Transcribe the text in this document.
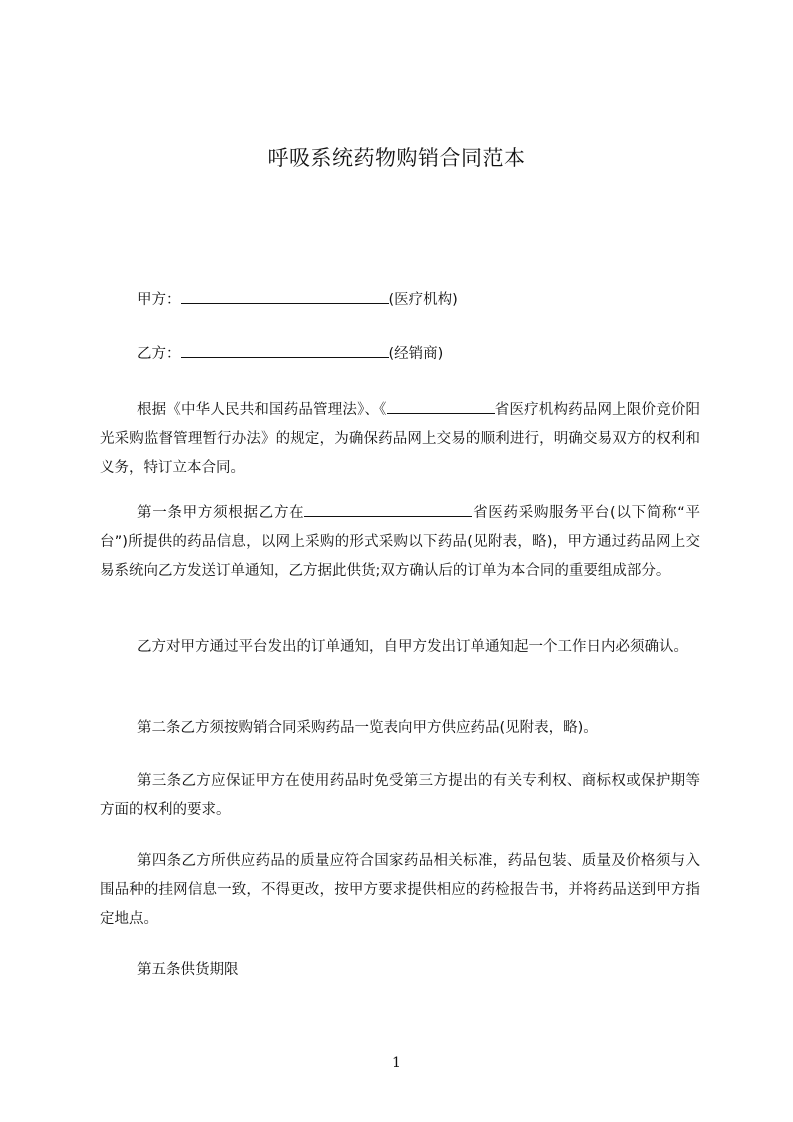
呼吸系统药物购销合同范本
甲方：	(医疗机构)
乙方：	(经销商)
根据《中华人民共和国药品管理法》、《	省医疗机构药品网上限价竞价阳光采购监督管理暂行办法》的规定，为确保药品网上交易的顺利进行，明确交易双方的权利和义务，特订立本合同。
第一条甲方须根据乙方在	省医药采购服务平台(以下简称“平台”)所提供的药品信息，以网上采购的形式采购以下药品(见附表，略)，甲方通过药品网上交易系统向乙方发送订单通知，乙方据此供货;双方确认后的订单为本合同的重要组成部分。
乙方对甲方通过平台发出的订单通知，自甲方发出订单通知起一个工作日内必须确认。
第二条乙方须按购销合同采购药品一览表向甲方供应药品(见附表，略)。
第三条乙方应保证甲方在使用药品时免受第三方提出的有关专利权、商标权或保护期等方面的权利的要求。
第四条乙方所供应药品的质量应符合国家药品相关标准，药品包装、质量及价格须与入围品种的挂网信息一致，不得更改，按甲方要求提供相应的药检报告书，并将药品送到甲方指定地点。
第五条供货期限
1
